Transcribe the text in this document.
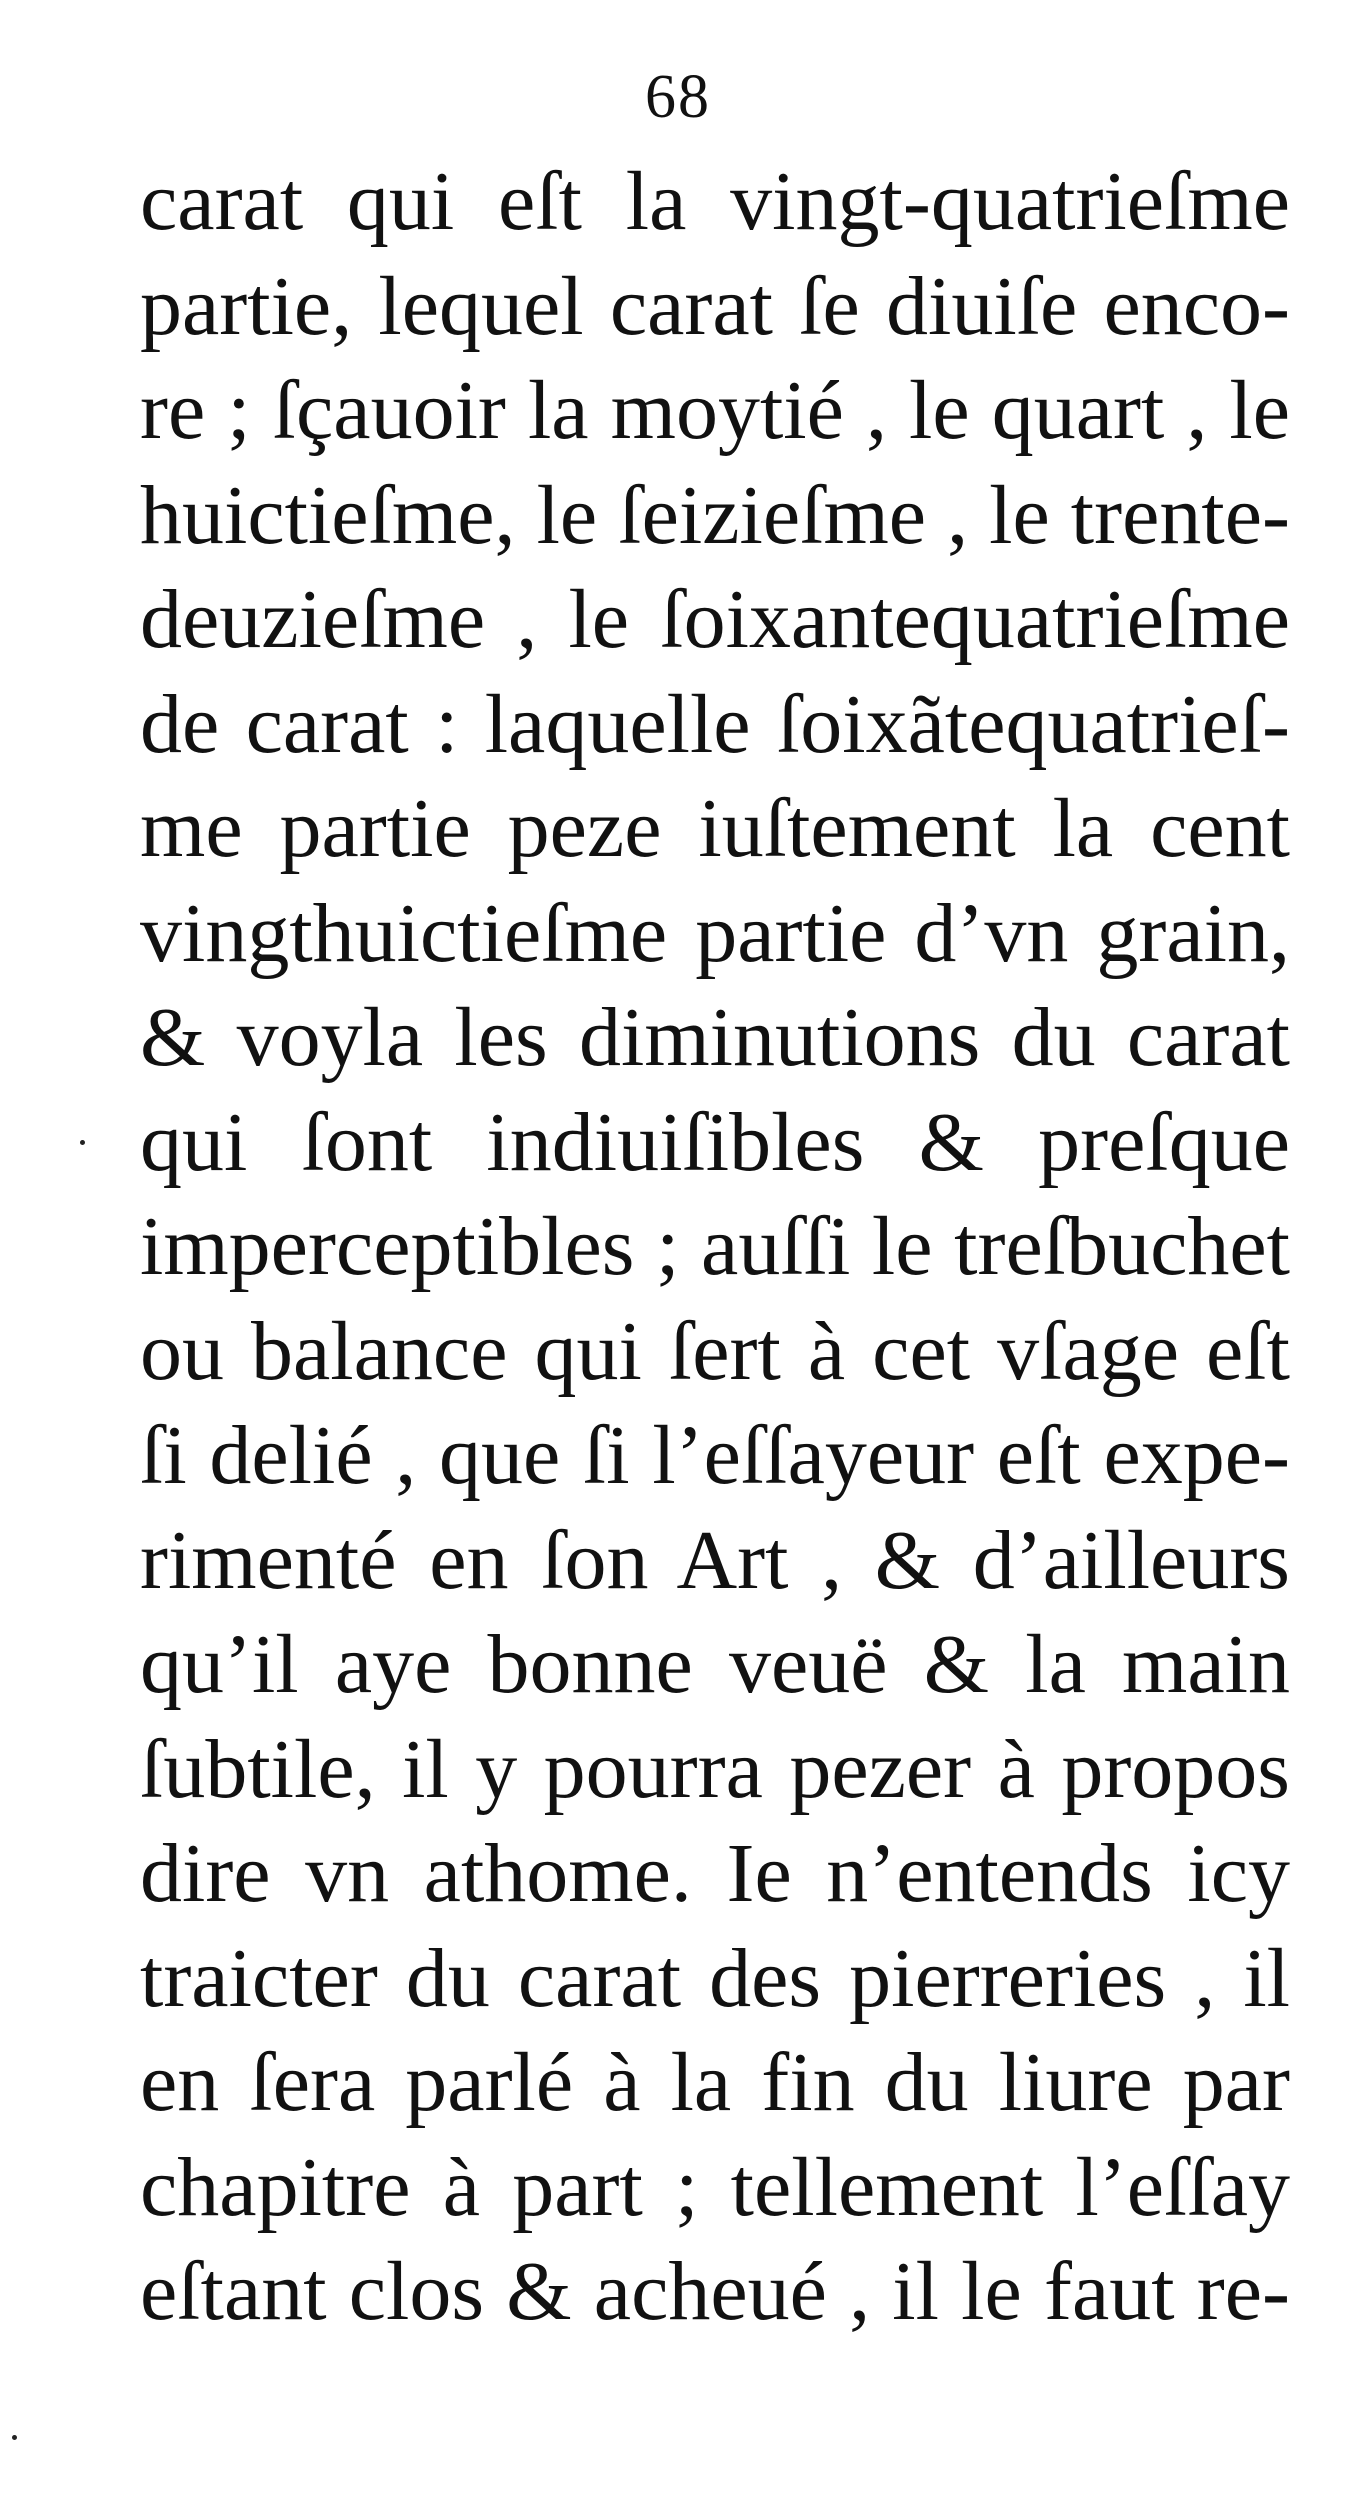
68
carat qui eſt la vingt-quatrieſme
partie, lequel carat ſe diuiſe enco-
re ; ſçauoir la moytié , le quart , le
huictieſme, le ſeizieſme , le trente-
deuzieſme , le ſoixantequatrieſme
de carat : laquelle ſoixãtequatrieſ-
me partie peze iuſtement la cent
vingthuictieſme partie d’vn grain,
& voyla les diminutions du carat
qui ſont indiuiſibles & preſque
imperceptibles ; auſſi le treſbuchet
ou balance qui ſert à cet vſage eſt
ſi delié , que ſi l’eſſayeur eſt expe-
rimenté en ſon Art , & d’ailleurs
qu’il aye bonne veuë & la main
ſubtile, il y pourra pezer à propos
dire vn athome. Ie n’entends icy
traicter du carat des pierreries , il
en ſera parlé à la fin du liure par
chapitre à part ; tellement l’eſſay
eſtant clos & acheué , il le faut re-
